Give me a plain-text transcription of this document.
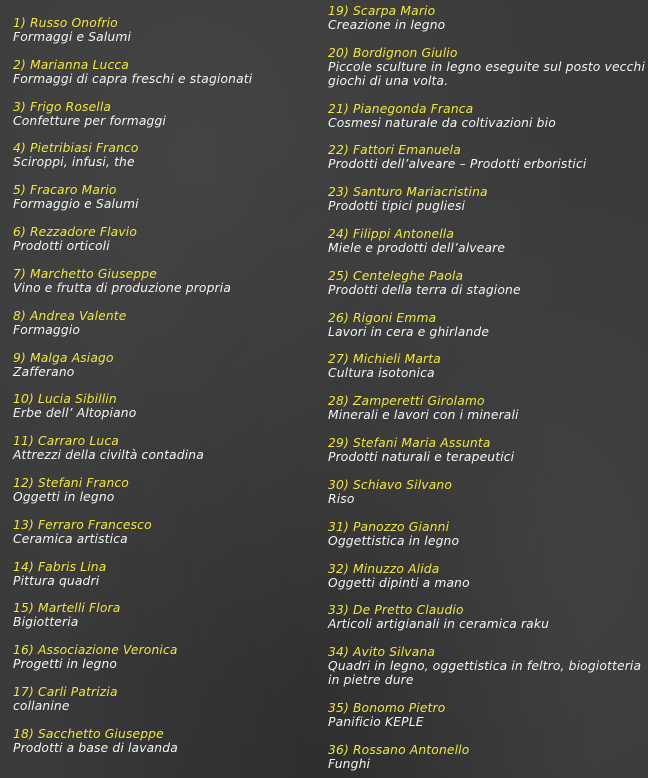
1) Russo Onofrio
Formaggi e Salumi
2) Marianna Lucca
Formaggi di capra freschi e stagionati
3) Frigo Rosella
Confetture per formaggi
4) Pietribiasi Franco
Sciroppi, infusi, the
5) Fracaro Mario
Formaggio e Salumi
6) Rezzadore Flavio
Prodotti orticoli
7) Marchetto Giuseppe
Vino e frutta di produzione propria
8) Andrea Valente
Formaggio
9) Malga Asiago
Zafferano
10) Lucia Sibillin
Erbe dell’ Altopiano
11) Carraro Luca
Attrezzi della civiltà contadina
12) Stefani Franco
Oggetti in legno
13) Ferraro Francesco
Ceramica artistica
14) Fabris Lina
Pittura quadri
15) Martelli Flora
Bigiotteria
16) Associazione Veronica
Progetti in legno
17) Carli Patrizia
collanine
18) Sacchetto Giuseppe
Prodotti a base di lavanda
19) Scarpa Mario
Creazione in legno
20) Bordignon Giulio
Piccole sculture in legno eseguite sul posto vecchi giochi di una volta.
21) Pianegonda Franca
Cosmesi naturale da coltivazioni bio
22) Fattori Emanuela
Prodotti dell’alveare – Prodotti erboristici
23) Santuro Mariacristina
Prodotti tipici pugliesi
24) Filippi Antonella
Miele e prodotti dell’alveare
25) Centeleghe Paola
Prodotti della terra di stagione
26) Rigoni Emma
Lavori in cera e ghirlande
27) Michieli Marta
Cultura isotonica
28) Zamperetti Girolamo
Minerali e lavori con i minerali
29) Stefani Maria Assunta
Prodotti naturali e terapeutici
30) Schiavo Silvano
Riso
31) Panozzo Gianni
Oggettistica in legno
32) Minuzzo Alida
Oggetti dipinti a mano
33) De Pretto Claudio
Articoli artigianali in ceramica raku
34) Avito Silvana
Quadri in legno, oggettistica in feltro, biogiotteria in pietre dure
35) Bonomo Pietro
Panificio KEPLE
36) Rossano Antonello
Funghi
